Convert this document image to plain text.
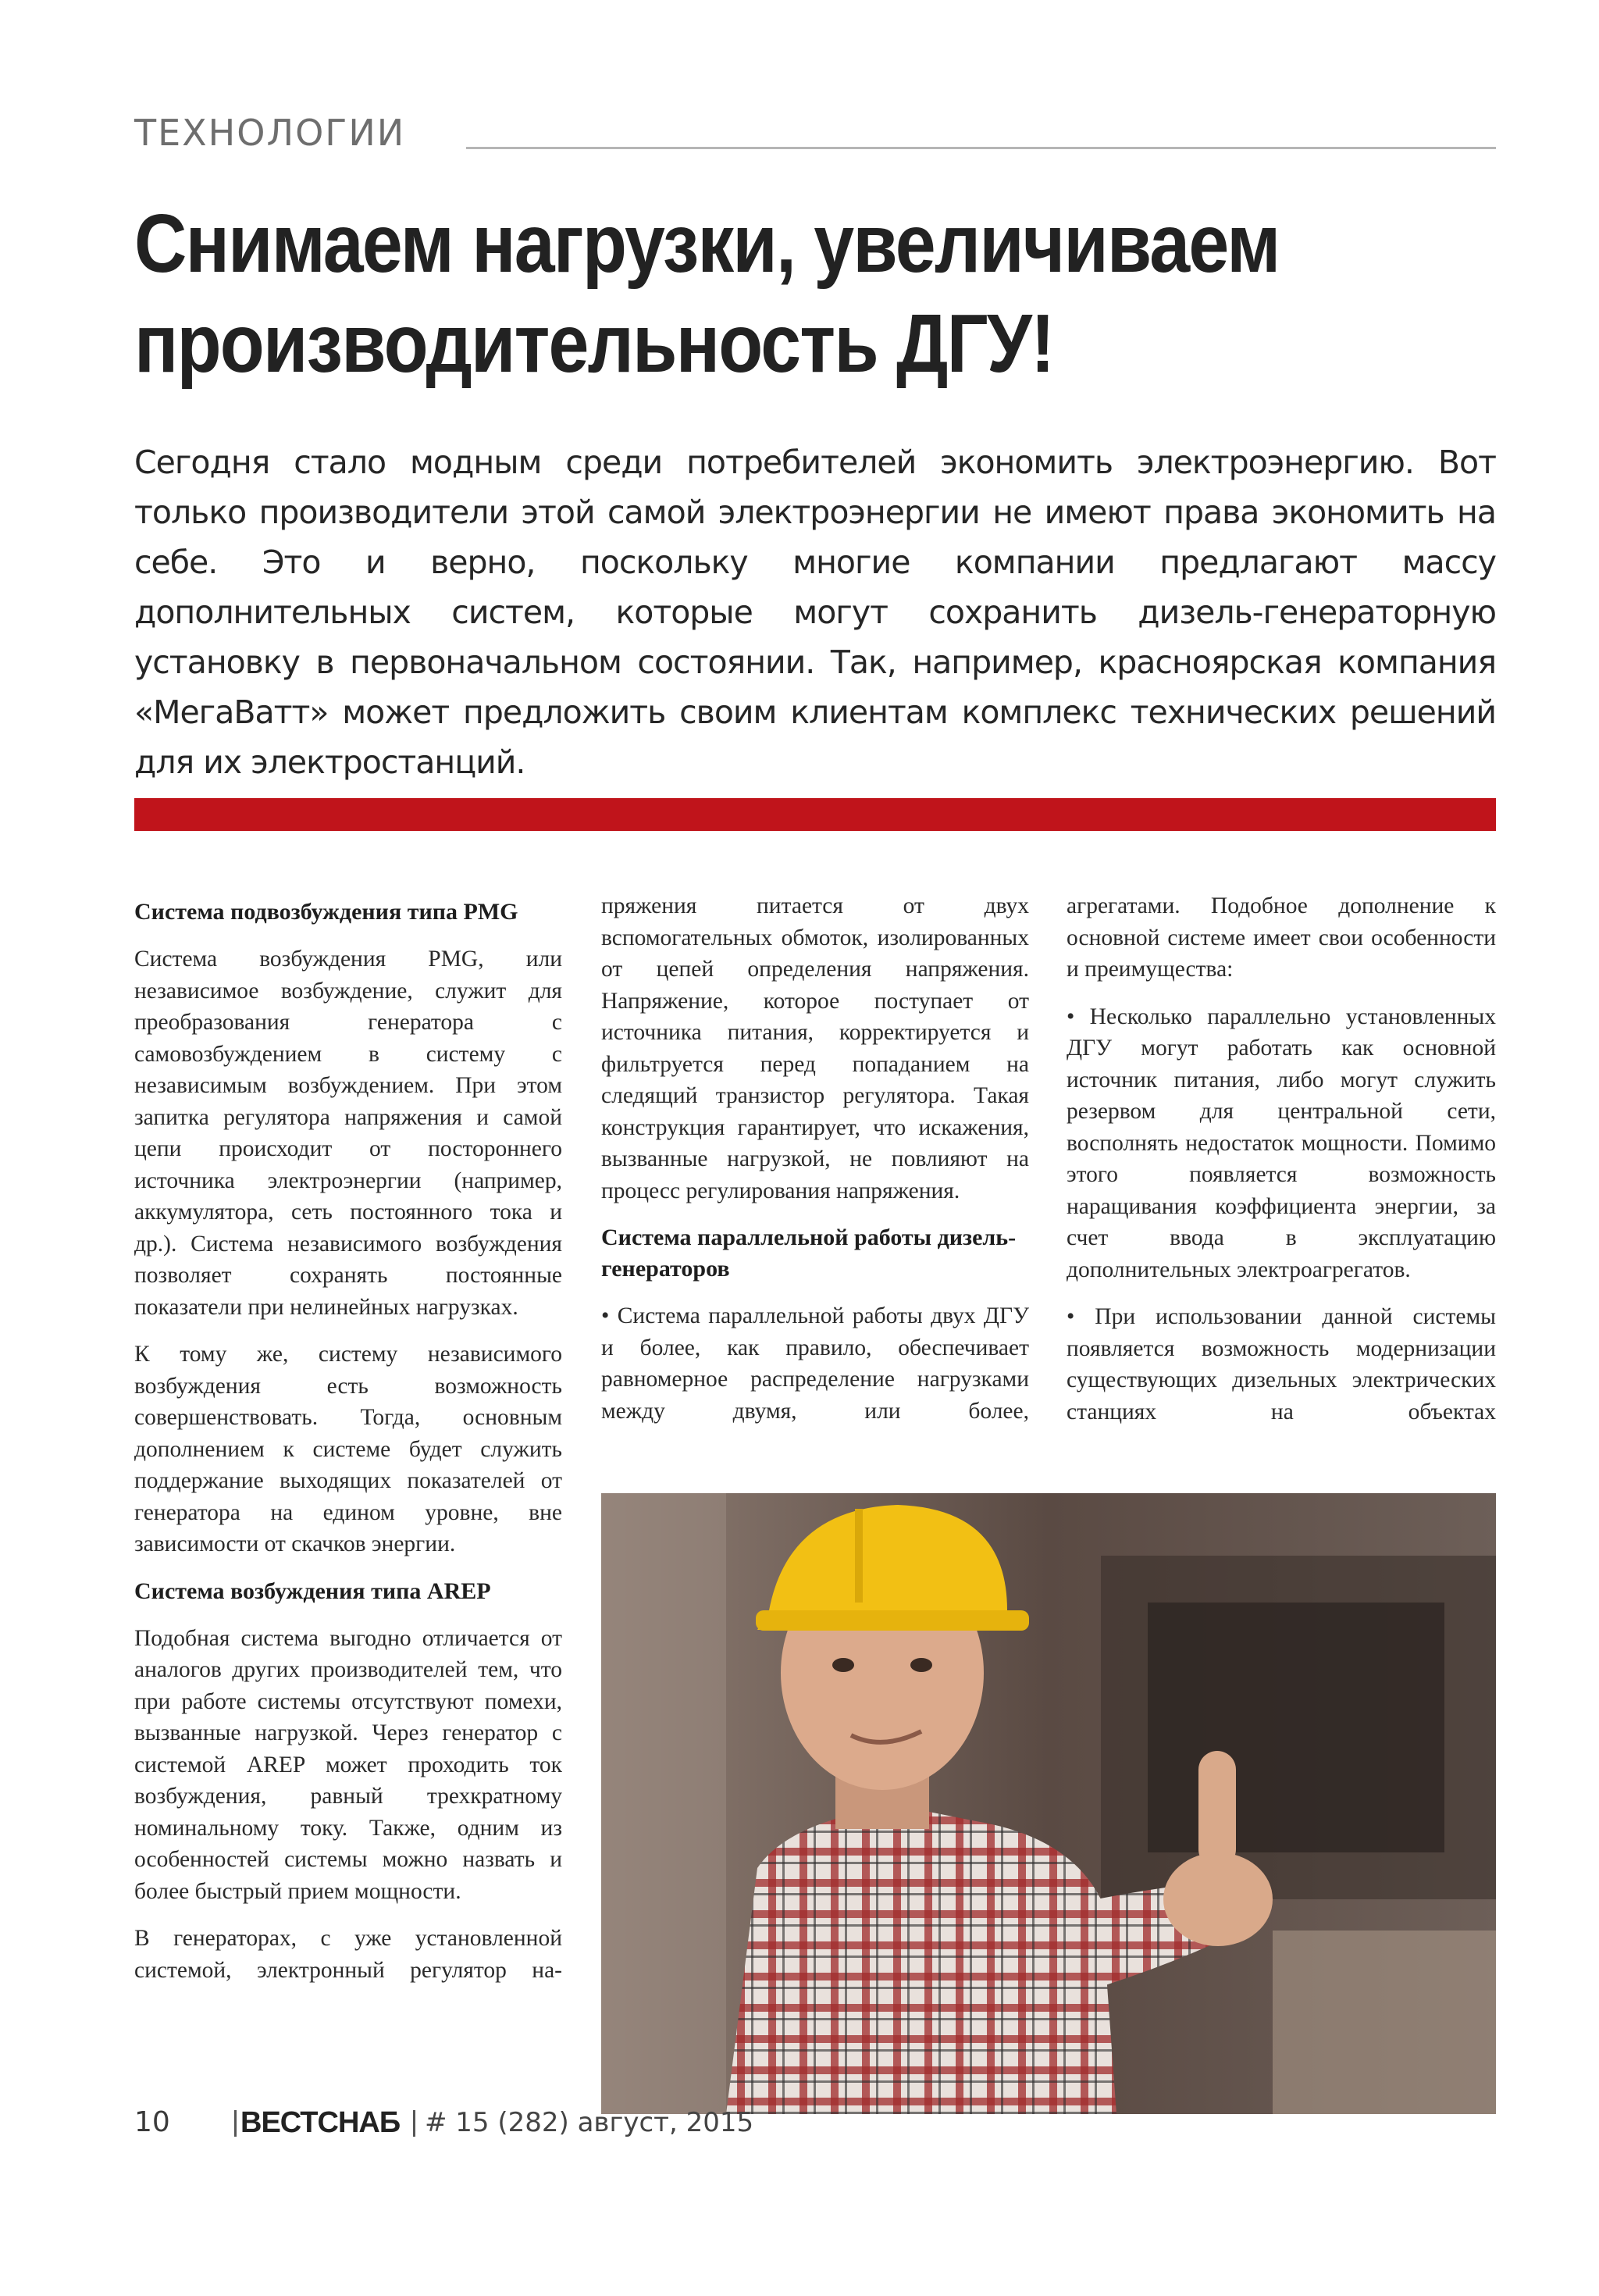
ТЕХНОЛОГИИ
Снимаем нагрузки, увеличиваем производительность ДГУ!
Сегодня стало модным среди потребителей экономить электроэнергию. Вот только производители этой самой электроэнергии не имеют права экономить на себе. Это и верно, поскольку многие компании предлагают массу дополнительных систем, которые могут сохранить дизель-генераторную установку в первоначальном состоянии. Так, например, красноярская компания «МегаВатт» может предложить своим клиентам комплекс технических решений для их электростанций.
Система подвозбуждения типа PMG

Система возбуждения PMG, или независимое возбуждение, служит для преобразования генератора с самовозбуждением в систему с независимым возбуждением. При этом запитка регулятора напряжения и самой цепи происходит от постороннего источника электроэнергии (например, аккумулятора, сеть постоянного тока и др.). Система независимого возбуждения позволяет сохранять постоянные показатели при нелинейных нагрузках.

К тому же, систему независимого возбуждения есть возможность совершенствовать. Тогда, основным дополнением к системе будет служить поддержание выходящих показателей от генератора на едином уровне, вне зависимости от скачков энергии.

Система возбуждения типа AREP

Подобная система выгодно отличается от аналогов других производителей тем, что при работе системы отсутствуют помехи, вызванные нагрузкой. Через генератор с системой AREP может проходить ток возбуждения, равный трехкратному номинальному току. Также, одним из особенностей системы можно назвать и более быстрый прием мощности.

В генераторах, с уже установленной системой, электронный регулятор на-

пряжения питается от двух вспомогательных обмоток, изолированных от цепей определения напряжения. Напряжение, которое поступает от источника питания, корректируется и фильтруется перед попаданием на следящий транзистор регулятора. Такая конструкция гарантирует, что искажения, вызванные нагрузкой, не повлияют на процесс регулирования напряжения.

Система параллельной работы дизель-генераторов

• Система параллельной работы двух ДГУ и более, как правило, обеспечивает равномерное распределение нагрузками между двумя, или более,

агрегатами. Подобное дополнение к основной системе имеет свои особенности и преимущества:

• Несколько параллельно установленных ДГУ могут работать как основной источник питания, либо могут служить резервом для центральной сети, восполнять недостаток мощности. Помимо этого появляется возможность наращивания коэффициента энергии, за счет ввода в эксплуатацию дополнительных электроагрегатов.

• При использовании данной системы появляется возможность модернизации существующих дизельных электрических станциях на объектах

10 ВЕСТСНАБ # 15 (282) август, 2015
